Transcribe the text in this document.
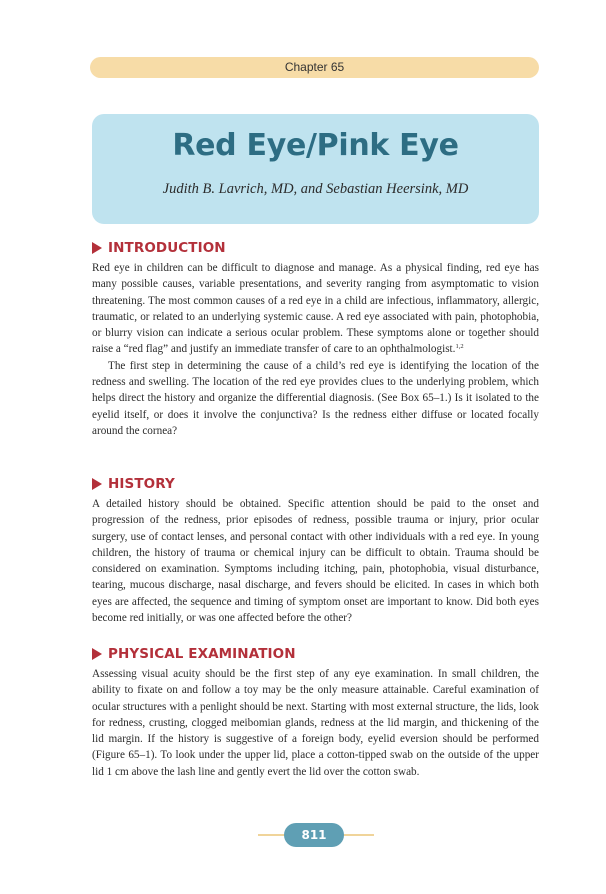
Chapter 65
Red Eye/Pink Eye
Judith B. Lavrich, MD, and Sebastian Heersink, MD
INTRODUCTION

Red eye in children can be difficult to diagnose and manage. As a physical finding, red eye has many possible causes, variable presentations, and severity ranging from asymptomatic to vision threatening. The most common causes of a red eye in a child are infectious, inflammatory, allergic, traumatic, or related to an underlying systemic cause. A red eye associated with pain, photophobia, or blurry vision can indicate a serious ocular problem. These symptoms alone or together should raise a “red flag” and justify an immediate transfer of care to an ophthalmologist.$^{1,2}$

The first step in determining the cause of a child’s red eye is identifying the location of the redness and swelling. The location of the red eye provides clues to the underlying problem, which helps direct the history and organize the differential diagnosis. (See Box 65–1.) Is it isolated to the eyelid itself, or does it involve the conjunctiva? Is the redness either diffuse or located focally around the cornea?

HISTORY

A detailed history should be obtained. Specific attention should be paid to the onset and progression of the redness, prior episodes of redness, possible trauma or injury, prior ocular surgery, use of contact lenses, and personal contact with other individuals with a red eye. In young children, the history of trauma or chemical injury can be difficult to obtain. Trauma should be considered on examination. Symptoms including itching, pain, photophobia, visual disturbance, tearing, mucous discharge, nasal discharge, and fevers should be elicited. In cases in which both eyes are affected, the sequence and timing of symptom onset are important to know. Did both eyes become red initially, or was one affected before the other?

PHYSICAL EXAMINATION

Assessing visual acuity should be the first step of any eye examination. In small children, the ability to fixate on and follow a toy may be the only measure attainable. Careful examination of ocular structures with a penlight should be next. Starting with most external structure, the lids, look for redness, crusting, clogged meibomian glands, redness at the lid margin, and thickening of the lid margin. If the history is suggestive of a foreign body, eyelid eversion should be performed (Figure 65–1). To look under the upper lid, place a cotton-tipped swab on the outside of the upper lid 1 cm above the lash line and gently evert the lid over the cotton swab.

811
